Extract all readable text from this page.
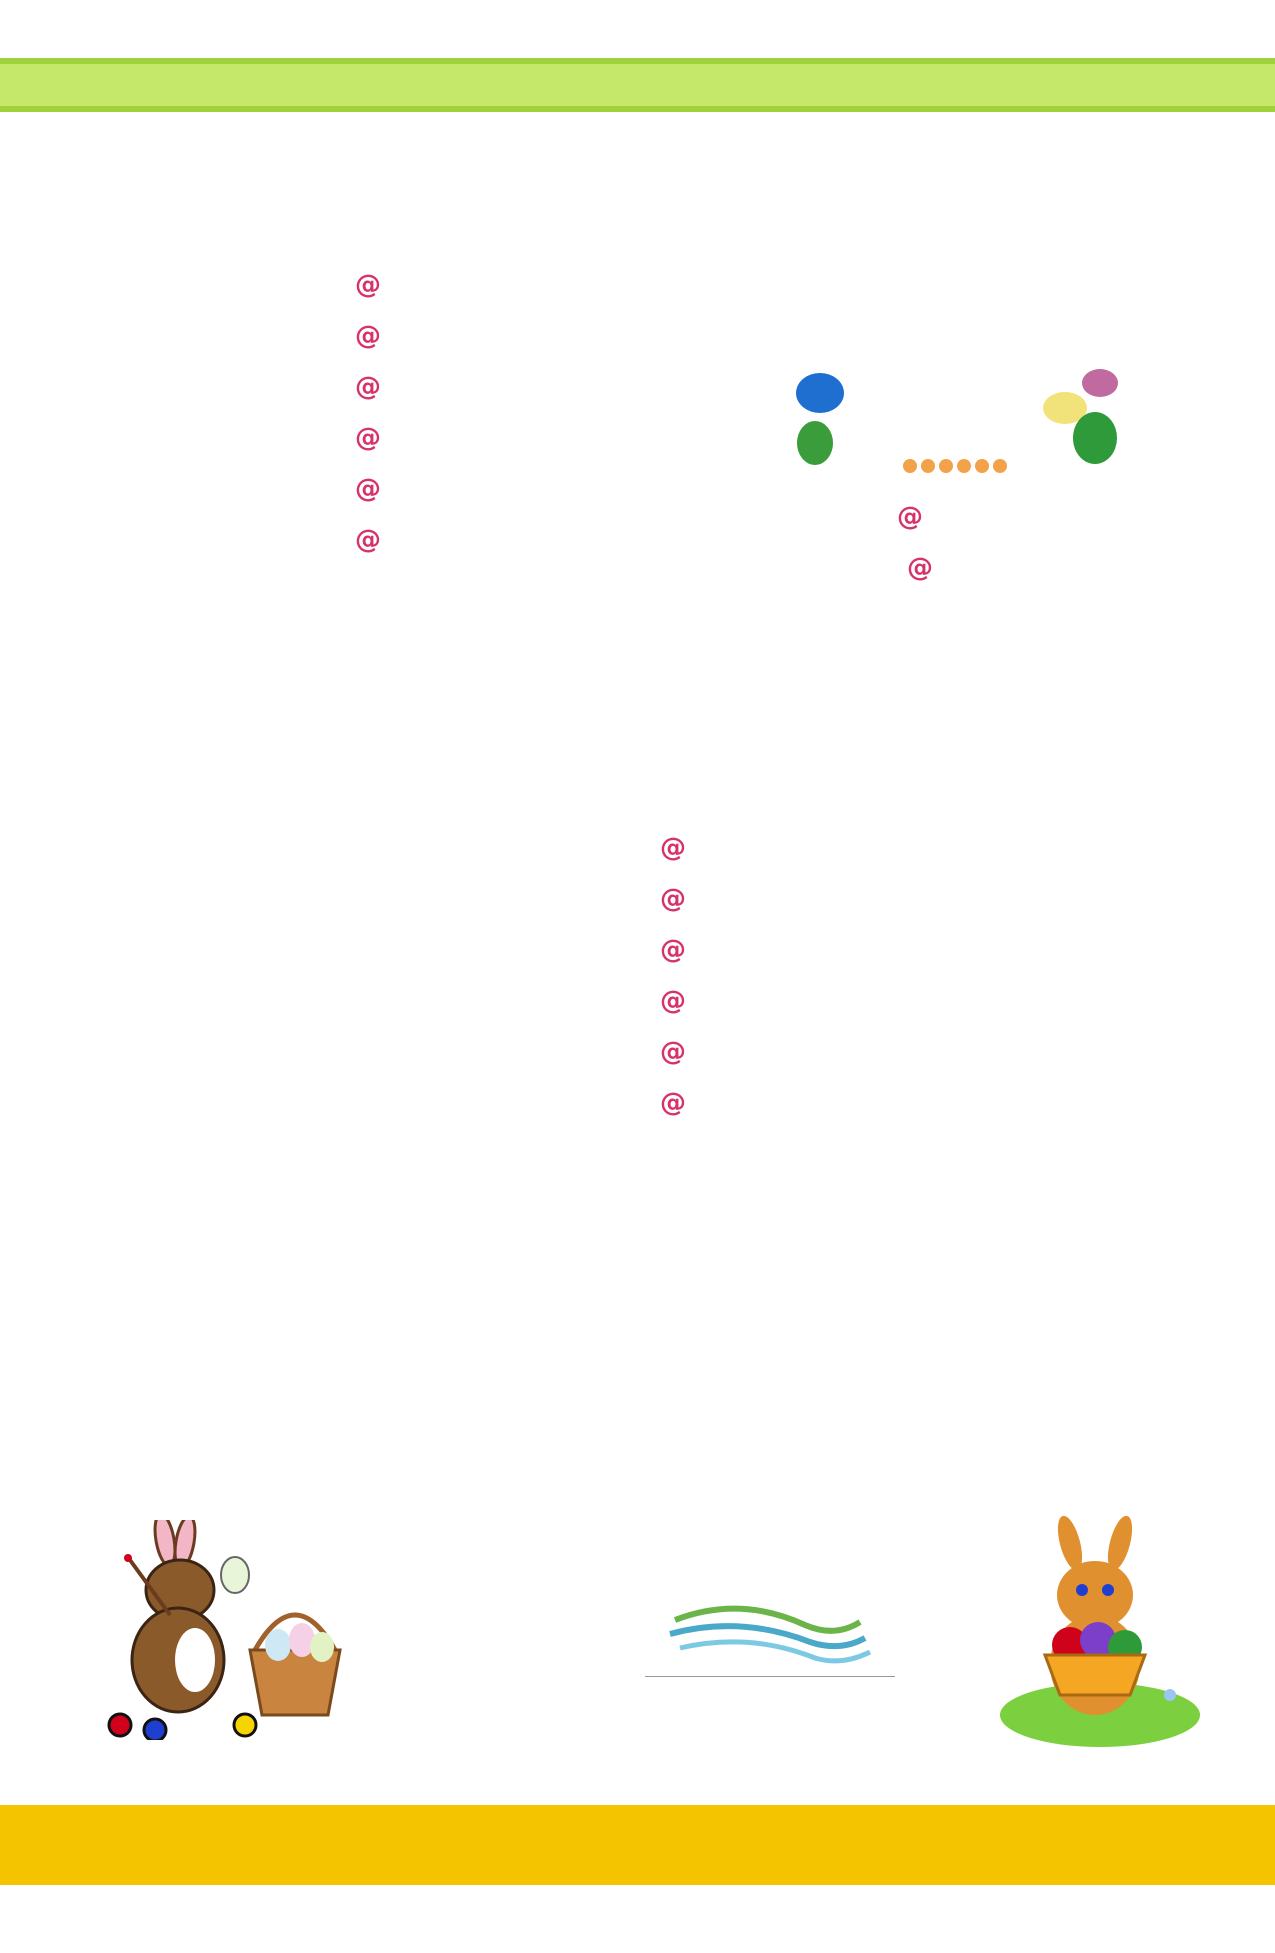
@
@
@
@
@
@
@
@
@
@
@
@
@
@
